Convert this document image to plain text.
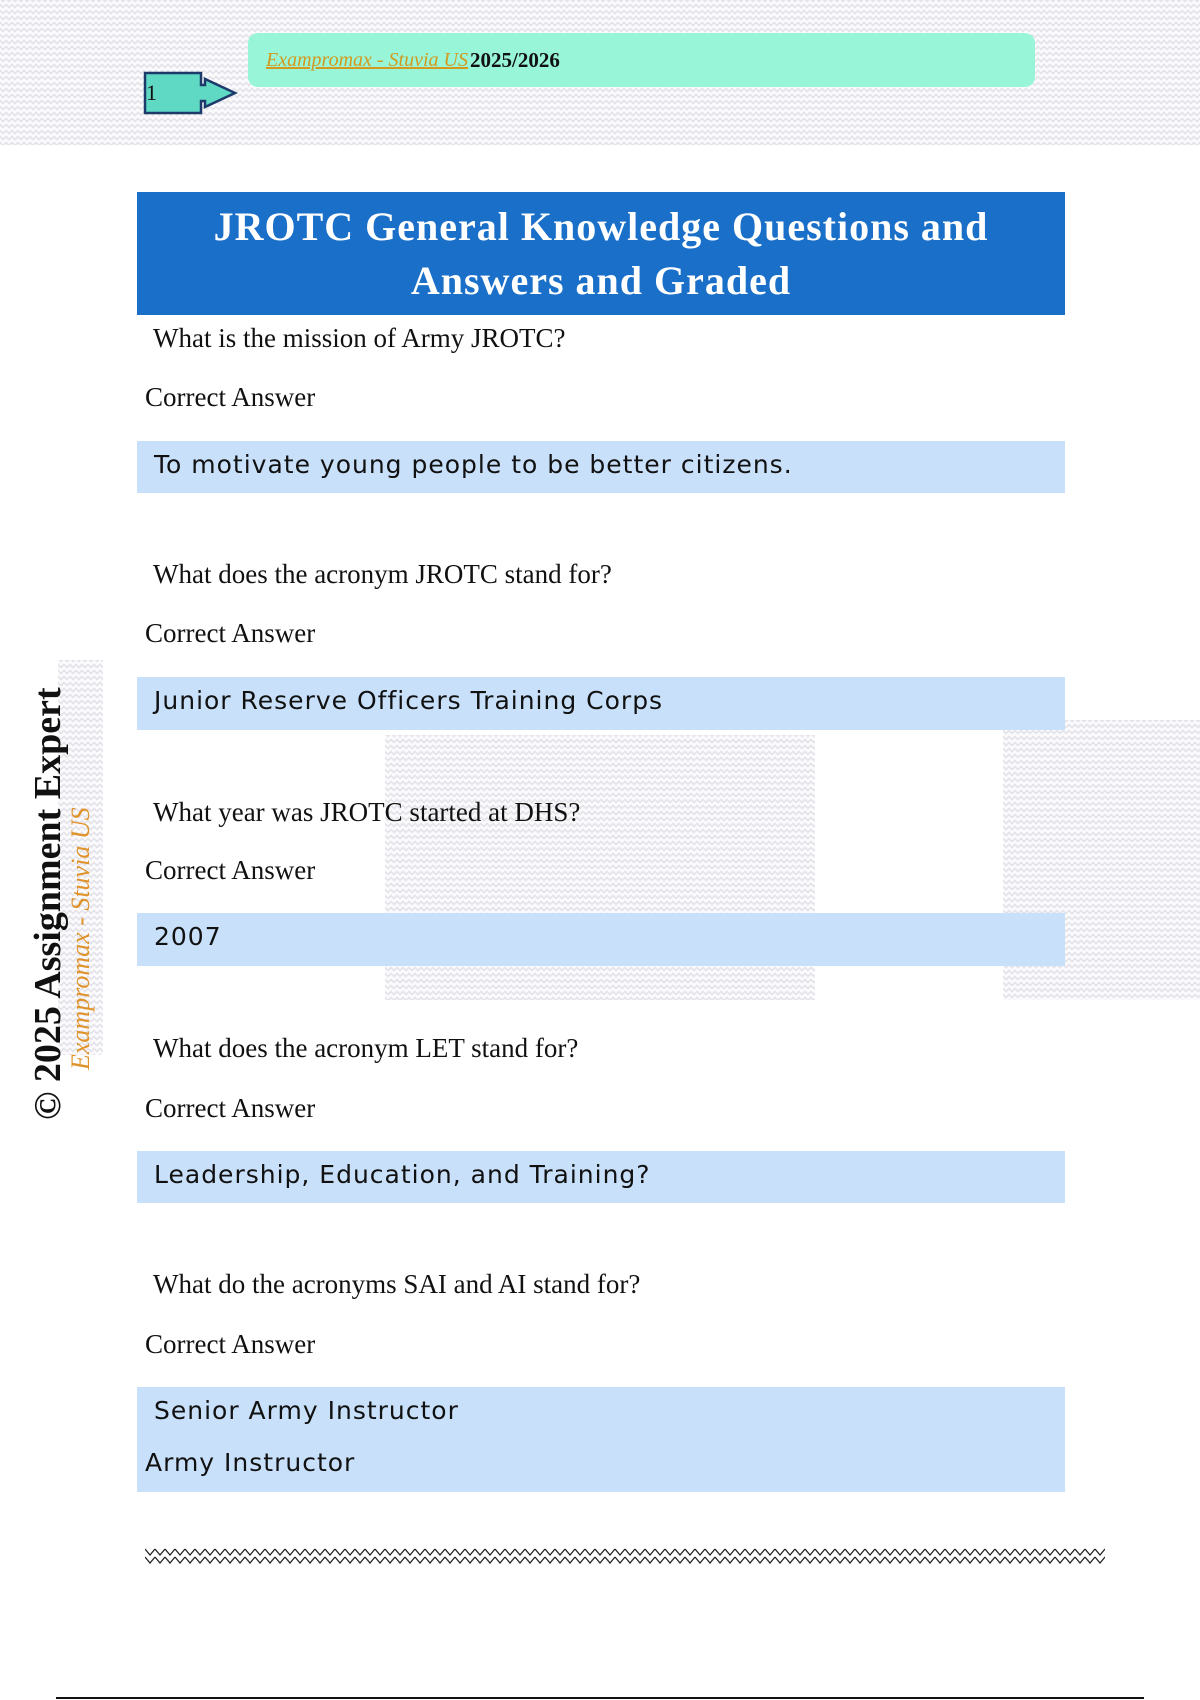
Exampromax - Stuvia US 2025/2026
1
JROTC General Knowledge Questions and
Answers and Graded
What is the mission of Army JROTC?
Correct Answer
To motivate young people to be better citizens.
What does the acronym JROTC stand for?
Correct Answer
Junior Reserve Officers Training Corps
What year was JROTC started at DHS?
Correct Answer
2007
What does the acronym LET stand for?
Correct Answer
Leadership, Education, and Training?
What do the acronyms SAI and AI stand for?
Correct Answer
Senior Army Instructor
Army Instructor
© 2025 Assignment Expert
Exampromax - Stuvia US
